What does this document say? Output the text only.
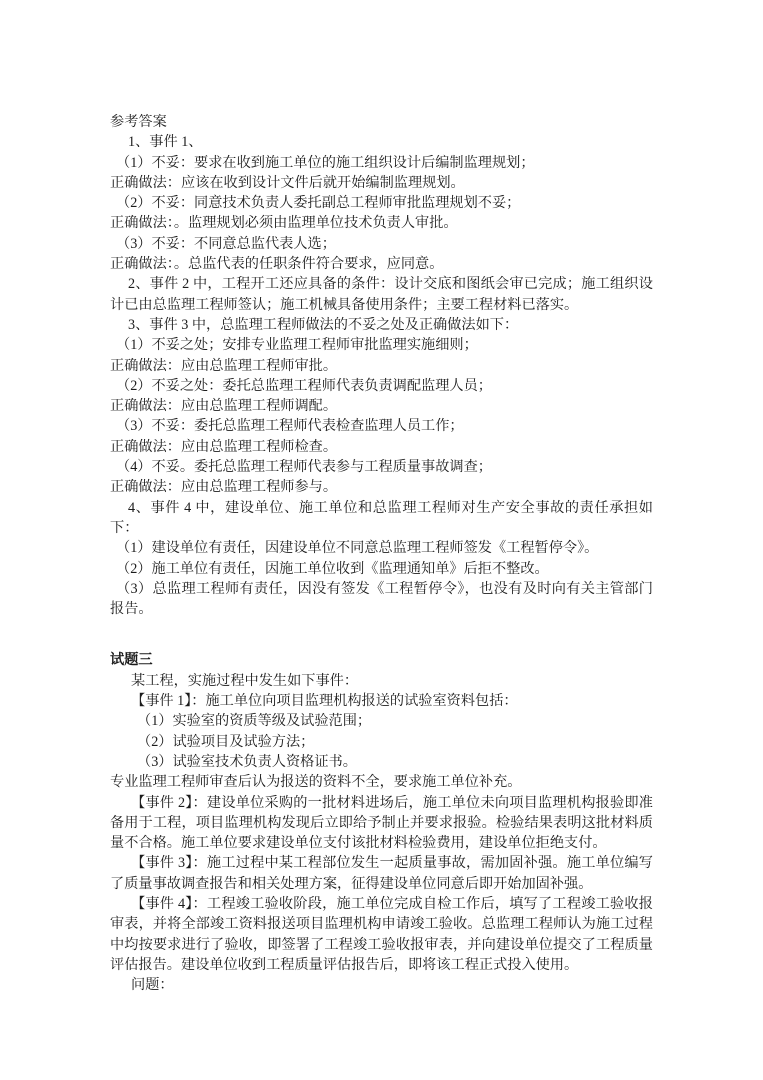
参考答案

1、事件 1、

（1）不妥：要求在收到施工单位的施工组织设计后编制监理规划；

正确做法：应该在收到设计文件后就开始编制监理规划。

（2）不妥：同意技术负责人委托副总工程师审批监理规划不妥；

正确做法：。监理规划必须由监理单位技术负责人审批。

（3）不妥：不同意总监代表人选；

正确做法：。总监代表的任职条件符合要求，应同意。

2、事件 2 中，工程开工还应具备的条件：设计交底和图纸会审已完成；施工组织设计已由总监理工程师签认；施工机械具备使用条件；主要工程材料已落实。

3、事件 3 中，总监理工程师做法的不妥之处及正确做法如下：

（1）不妥之处；安排专业监理工程师审批监理实施细则；

正确做法：应由总监理工程师审批。

（2）不妥之处：委托总监理工程师代表负责调配监理人员；

正确做法：应由总监理工程师调配。

（3）不妥：委托总监理工程师代表检查监理人员工作；

正确做法：应由总监理工程师检查。

（4）不妥。委托总监理工程师代表参与工程质量事故调查；

正确做法：应由总监理工程师参与。

4、事件 4 中，建设单位、施工单位和总监理工程师对生产安全事故的责任承担如下：

（1）建设单位有责任，因建设单位不同意总监理工程师签发《工程暂停令》。

（2）施工单位有责任，因施工单位收到《监理通知单》后拒不整改。

（3）总监理工程师有责任，因没有签发《工程暂停令》，也没有及时向有关主管部门报告。

试题三

某工程，实施过程中发生如下事件：

【事件 1】：施工单位向项目监理机构报送的试验室资料包括：

（1）实验室的资质等级及试验范围；

（2）试验项目及试验方法；

（3）试验室技术负责人资格证书。

专业监理工程师审查后认为报送的资料不全，要求施工单位补充。

【事件 2】：建设单位采购的一批材料进场后，施工单位未向项目监理机构报验即准备用于工程，项目监理机构发现后立即给予制止并要求报验。检验结果表明这批材料质量不合格。施工单位要求建设单位支付该批材料检验费用，建设单位拒绝支付。

【事件 3】：施工过程中某工程部位发生一起质量事故，需加固补强。施工单位编写了质量事故调查报告和相关处理方案，征得建设单位同意后即开始加固补强。

【事件 4】：工程竣工验收阶段，施工单位完成自检工作后，填写了工程竣工验收报审表，并将全部竣工资料报送项目监理机构申请竣工验收。总监理工程师认为施工过程中均按要求进行了验收，即签署了工程竣工验收报审表，并向建设单位提交了工程质量评估报告。建设单位收到工程质量评估报告后，即将该工程正式投入使用。

问题：
